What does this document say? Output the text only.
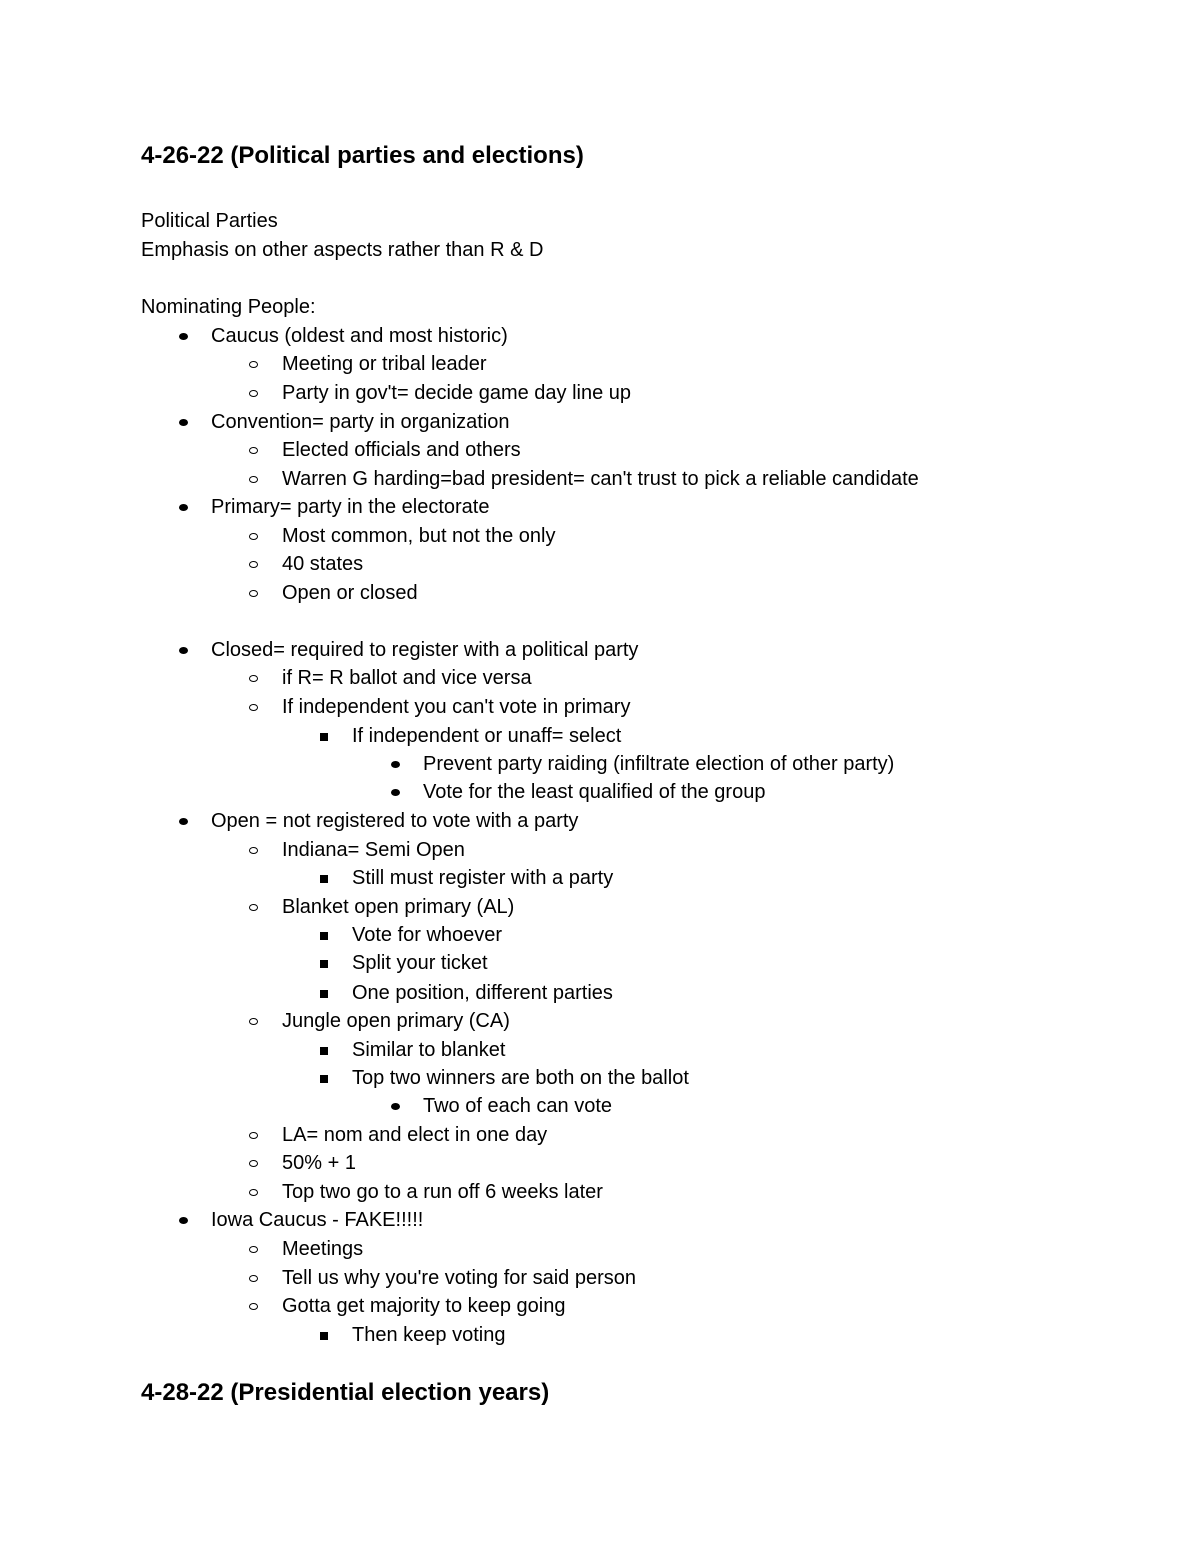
4-26-22 (Political parties and elections)
Political Parties
Emphasis on other aspects rather than R & D
Nominating People:
Caucus (oldest and most historic)
Meeting or tribal leader
Party in gov't= decide game day line up
Convention= party in organization
Elected officials and others
Warren G harding=bad president= can't trust to pick a reliable candidate
Primary= party in the electorate
Most common, but not the only
40 states
Open or closed
Closed= required to register with a political party
if R= R ballot and vice versa
If independent you can't vote in primary
If independent or unaff= select
Prevent party raiding (infiltrate election of other party)
Vote for the least qualified of the group
Open = not registered to vote with a party
Indiana= Semi Open
Still must register with a party
Blanket open primary (AL)
Vote for whoever
Split your ticket
One position, different parties
Jungle open primary (CA)
Similar to blanket
Top two winners are both on the ballot
Two of each can vote
LA= nom and elect in one day
50% + 1
Top two go to a run off 6 weeks later
Iowa Caucus - FAKE!!!!!
Meetings
Tell us why you're voting for said person
Gotta get majority to keep going
Then keep voting
4-28-22 (Presidential election years)
